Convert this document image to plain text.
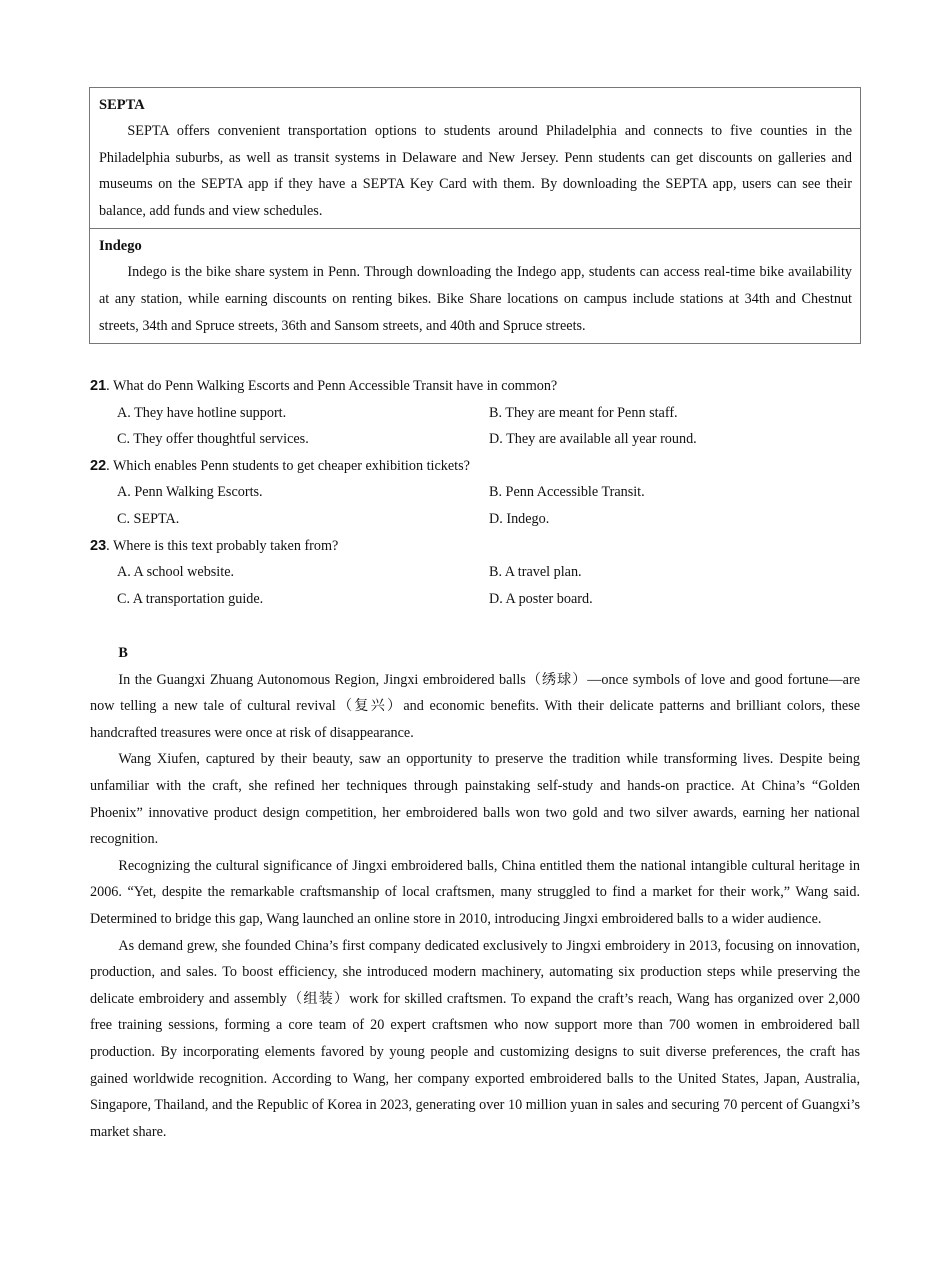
SEPTA

SEPTA offers convenient transportation options to students around Philadelphia and connects to five counties in the Philadelphia suburbs, as well as transit systems in Delaware and New Jersey. Penn students can get discounts on galleries and museums on the SEPTA app if they have a SEPTA Key Card with them. By downloading the SEPTA app, users can see their balance, add funds and view schedules.

Indego

Indego is the bike share system in Penn. Through downloading the Indego app, students can access real-time bike availability at any station, while earning discounts on renting bikes. Bike Share locations on campus include stations at 34th and Chestnut streets, 34th and Spruce streets, 36th and Sansom streets, and 40th and Spruce streets.

21. What do Penn Walking Escorts and Penn Accessible Transit have in common?

A. They have hotline support.	B. They are meant for Penn staff.
C. They offer thoughtful services.	D. They are available all year round.

22. Which enables Penn students to get cheaper exhibition tickets?

A. Penn Walking Escorts.	B. Penn Accessible Transit.
C. SEPTA.	D. Indego.

23. Where is this text probably taken from?

A. A school website.	B. A travel plan.
C. A transportation guide.	D. A poster board.

B

In the Guangxi Zhuang Autonomous Region, Jingxi embroidered balls（绣球）—once symbols of love and good fortune—are now telling a new tale of cultural revival（复兴）and economic benefits. With their delicate patterns and brilliant colors, these handcrafted treasures were once at risk of disappearance.

Wang Xiufen, captured by their beauty, saw an opportunity to preserve the tradition while transforming lives. Despite being unfamiliar with the craft, she refined her techniques through painstaking self-study and hands-on practice. At China’s “Golden Phoenix” innovative product design competition, her embroidered balls won two gold and two silver awards, earning her national recognition.

Recognizing the cultural significance of Jingxi embroidered balls, China entitled them the national intangible cultural heritage in 2006. “Yet, despite the remarkable craftsmanship of local craftsmen, many struggled to find a market for their work,” Wang said. Determined to bridge this gap, Wang launched an online store in 2010, introducing Jingxi embroidered balls to a wider audience.

As demand grew, she founded China’s first company dedicated exclusively to Jingxi embroidery in 2013, focusing on innovation, production, and sales. To boost efficiency, she introduced modern machinery, automating six production steps while preserving the delicate embroidery and assembly（组装）work for skilled craftsmen. To expand the craft’s reach, Wang has organized over 2,000 free training sessions, forming a core team of 20 expert craftsmen who now support more than 700 women in embroidered ball production. By incorporating elements favored by young people and customizing designs to suit diverse preferences, the craft has gained worldwide recognition. According to Wang, her company exported embroidered balls to the United States, Japan, Australia, Singapore, Thailand, and the Republic of Korea in 2023, generating over 10 million yuan in sales and securing 70 percent of Guangxi’s market share.
